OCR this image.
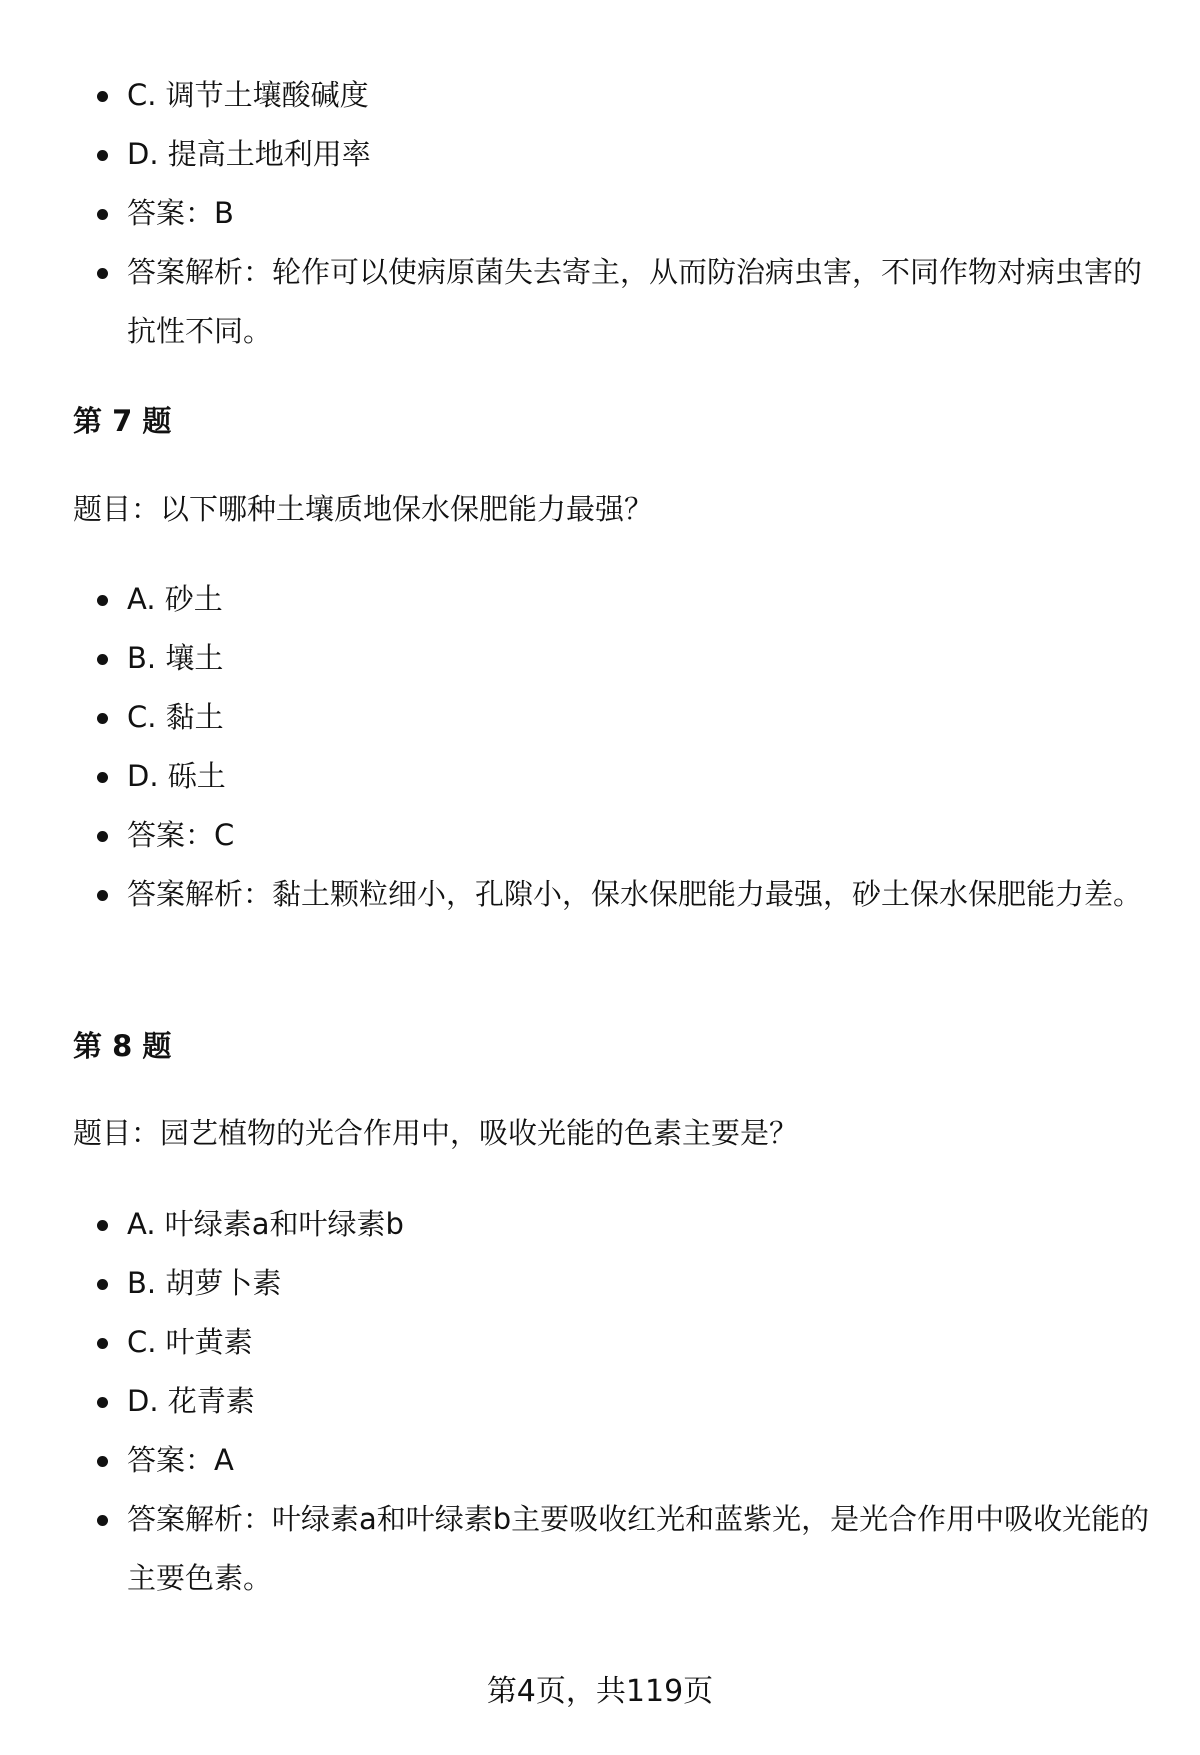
C. 调节土壤酸碱度
D. 提高土地利用率
答案：B
答案解析：轮作可以使病原菌失去寄主，从而防治病虫害，不同作物对病虫害的抗性不同。
第 7 题
题目：以下哪种土壤质地保水保肥能力最强？
A. 砂土
B. 壤土
C. 黏土
D. 砾土
答案：C
答案解析：黏土颗粒细小，孔隙小，保水保肥能力最强，砂土保水保肥能力差。
第 8 题
题目：园艺植物的光合作用中，吸收光能的色素主要是？
A. 叶绿素a和叶绿素b
B. 胡萝卜素
C. 叶黄素
D. 花青素
答案：A
答案解析：叶绿素a和叶绿素b主要吸收红光和蓝紫光，是光合作用中吸收光能的主要色素。
第4页，共119页
